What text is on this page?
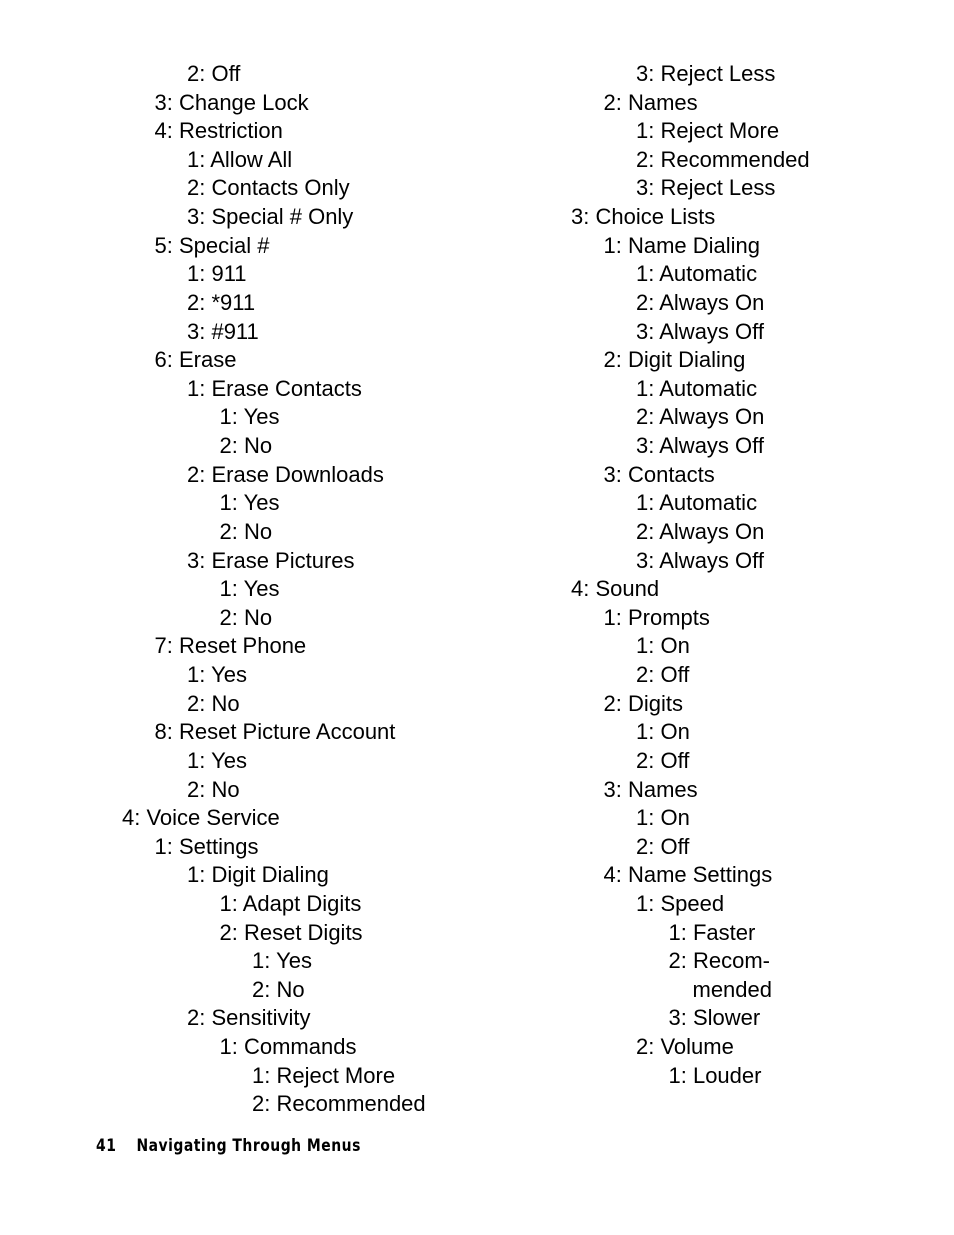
2: Off
3: Change Lock
4: Restriction
1: Allow All
2: Contacts Only
3: Special # Only
5: Special #
1: 911
2: *911
3: #911
6: Erase
1: Erase Contacts
1: Yes
2: No
2: Erase Downloads
1: Yes
2: No
3: Erase Pictures
1: Yes
2: No
7: Reset Phone
1: Yes
2: No
8: Reset Picture Account
1: Yes
2: No
4: Voice Service
1: Settings
1: Digit Dialing
1: Adapt Digits
2: Reset Digits
1: Yes
2: No
2: Sensitivity
1: Commands
1: Reject More
2: Recommended
3: Reject Less
2: Names
1: Reject More
2: Recommended
3: Reject Less
3: Choice Lists
1: Name Dialing
1: Automatic
2: Always On
3: Always Off
2: Digit Dialing
1: Automatic
2: Always On
3: Always Off
3: Contacts
1: Automatic
2: Always On
3: Always Off
4: Sound
1: Prompts
1: On
2: Off
2: Digits
1: On
2: Off
3: Names
1: On
2: Off
4: Name Settings
1: Speed
1: Faster
2: Recom-
mended
3: Slower
2: Volume
1: Louder
41 Navigating Through Menus
